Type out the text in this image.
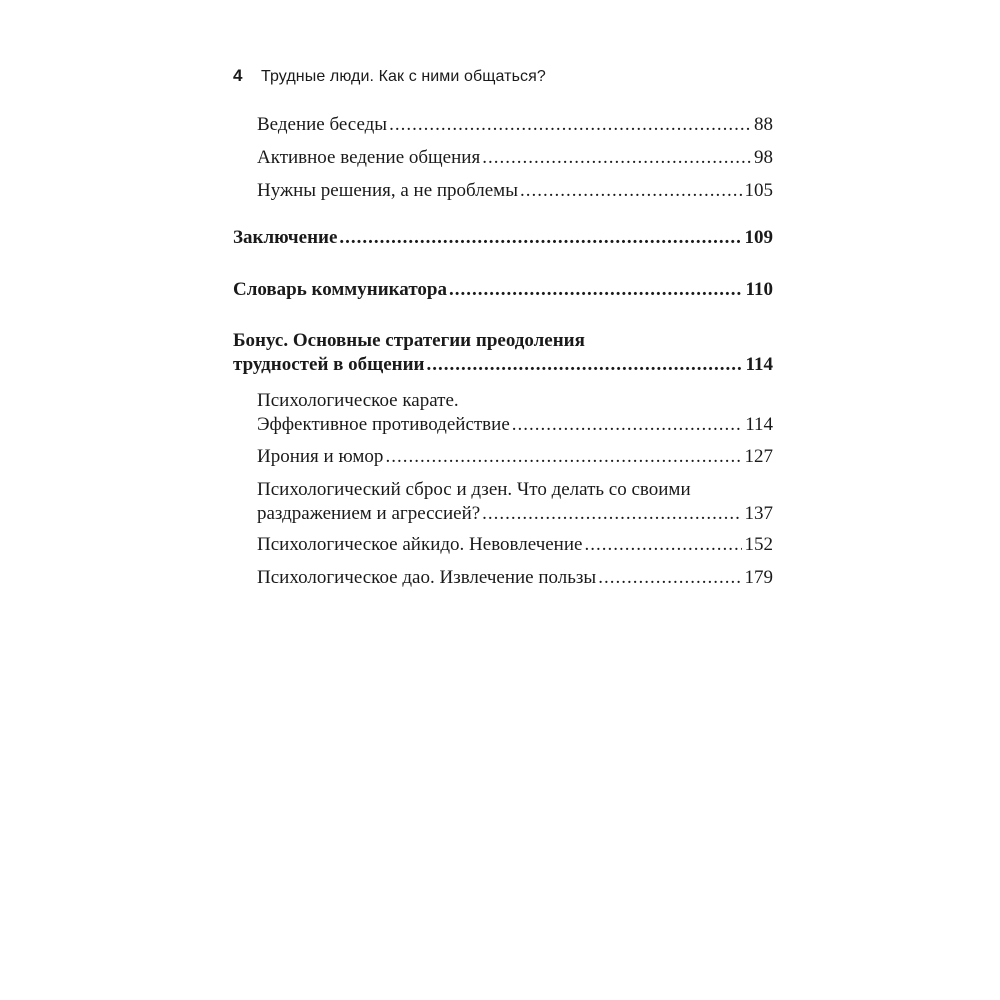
4	Трудные люди. Как с ними общаться?
Ведение беседы .....	88
Активное ведение общения .....	98
Нужны решения, а не проблемы .....	105
Заключение .....	109
Словарь коммуникатора .....	110
Бонус. Основные стратегии преодоления
трудностей в общении .....	114
Психологическое карате.
Эффективное противодействие .....	114
Ирония и юмор .....	127
Психологический сброс и дзен. Что делать со своими
раздражением и агрессией? .....	137
Психологическое айкидо. Невовлечение .....	152
Психологическое дао. Извлечение пользы .....	179
